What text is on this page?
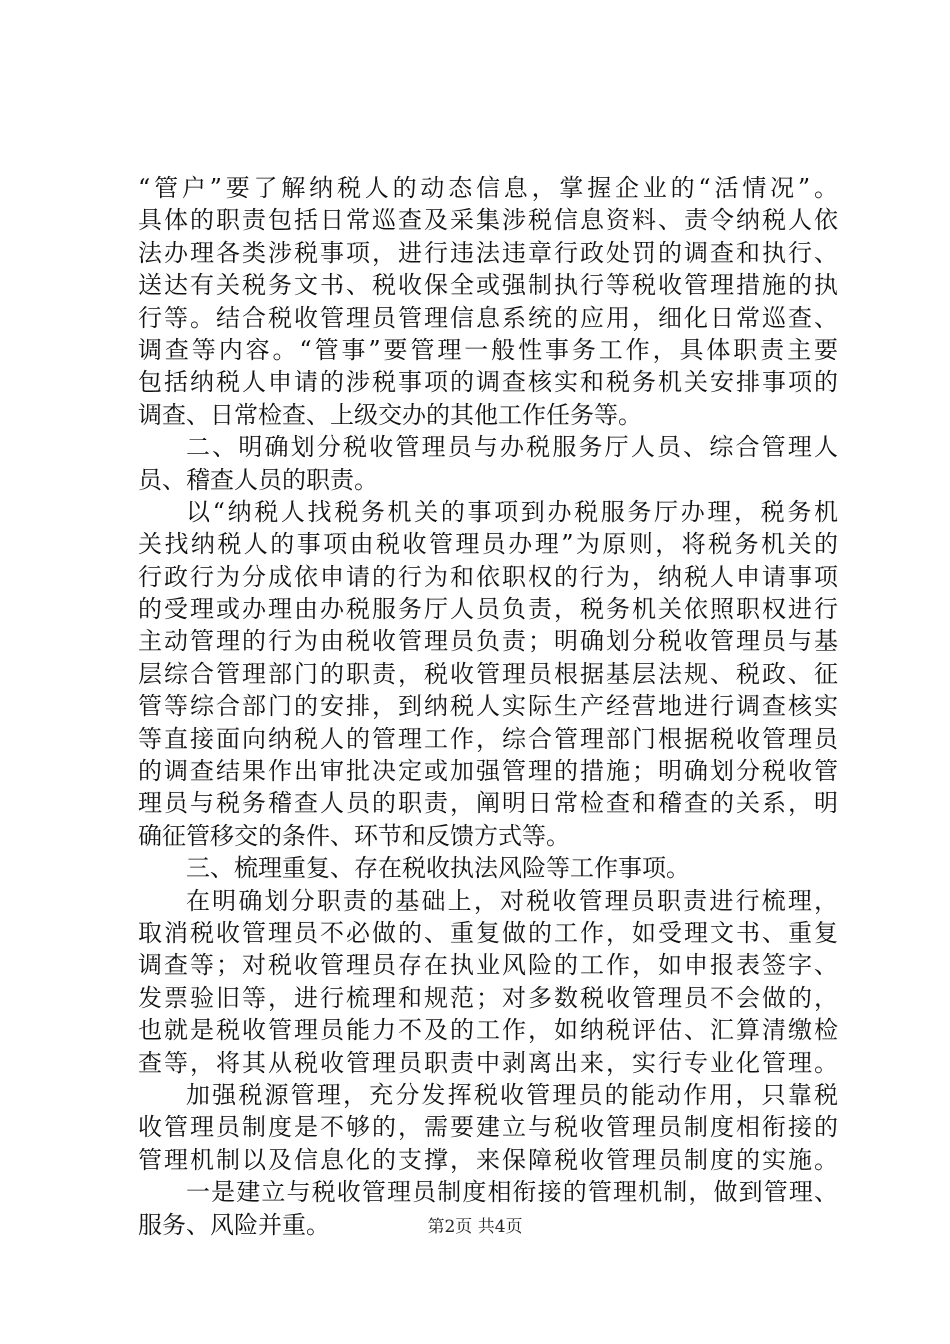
“管户”要了解纳税人的动态信息，掌握企业的“活情况”。
具体的职责包括日常巡查及采集涉税信息资料、责令纳税人依
法办理各类涉税事项，进行违法违章行政处罚的调查和执行、
送达有关税务文书、税收保全或强制执行等税收管理措施的执
行等。结合税收管理员管理信息系统的应用，细化日常巡查、
调查等内容。“管事”要管理一般性事务工作，具体职责主要
包括纳税人申请的涉税事项的调查核实和税务机关安排事项的
调查、日常检查、上级交办的其他工作任务等。
二、明确划分税收管理员与办税服务厅人员、综合管理人
员、稽查人员的职责。
以“纳税人找税务机关的事项到办税服务厅办理，税务机
关找纳税人的事项由税收管理员办理”为原则，将税务机关的
行政行为分成依申请的行为和依职权的行为，纳税人申请事项
的受理或办理由办税服务厅人员负责，税务机关依照职权进行
主动管理的行为由税收管理员负责；明确划分税收管理员与基
层综合管理部门的职责，税收管理员根据基层法规、税政、征
管等综合部门的安排，到纳税人实际生产经营地进行调查核实
等直接面向纳税人的管理工作，综合管理部门根据税收管理员
的调查结果作出审批决定或加强管理的措施；明确划分税收管
理员与税务稽查人员的职责，阐明日常检查和稽查的关系，明
确征管移交的条件、环节和反馈方式等。
三、梳理重复、存在税收执法风险等工作事项。
在明确划分职责的基础上，对税收管理员职责进行梳理，
取消税收管理员不必做的、重复做的工作，如受理文书、重复
调查等；对税收管理员存在执业风险的工作，如申报表签字、
发票验旧等，进行梳理和规范；对多数税收管理员不会做的，
也就是税收管理员能力不及的工作，如纳税评估、汇算清缴检
查等，将其从税收管理员职责中剥离出来，实行专业化管理。
加强税源管理，充分发挥税收管理员的能动作用，只靠税
收管理员制度是不够的，需要建立与税收管理员制度相衔接的
管理机制以及信息化的支撑，来保障税收管理员制度的实施。
一是建立与税收管理员制度相衔接的管理机制，做到管理、
服务、风险并重。	第2页 共4页
